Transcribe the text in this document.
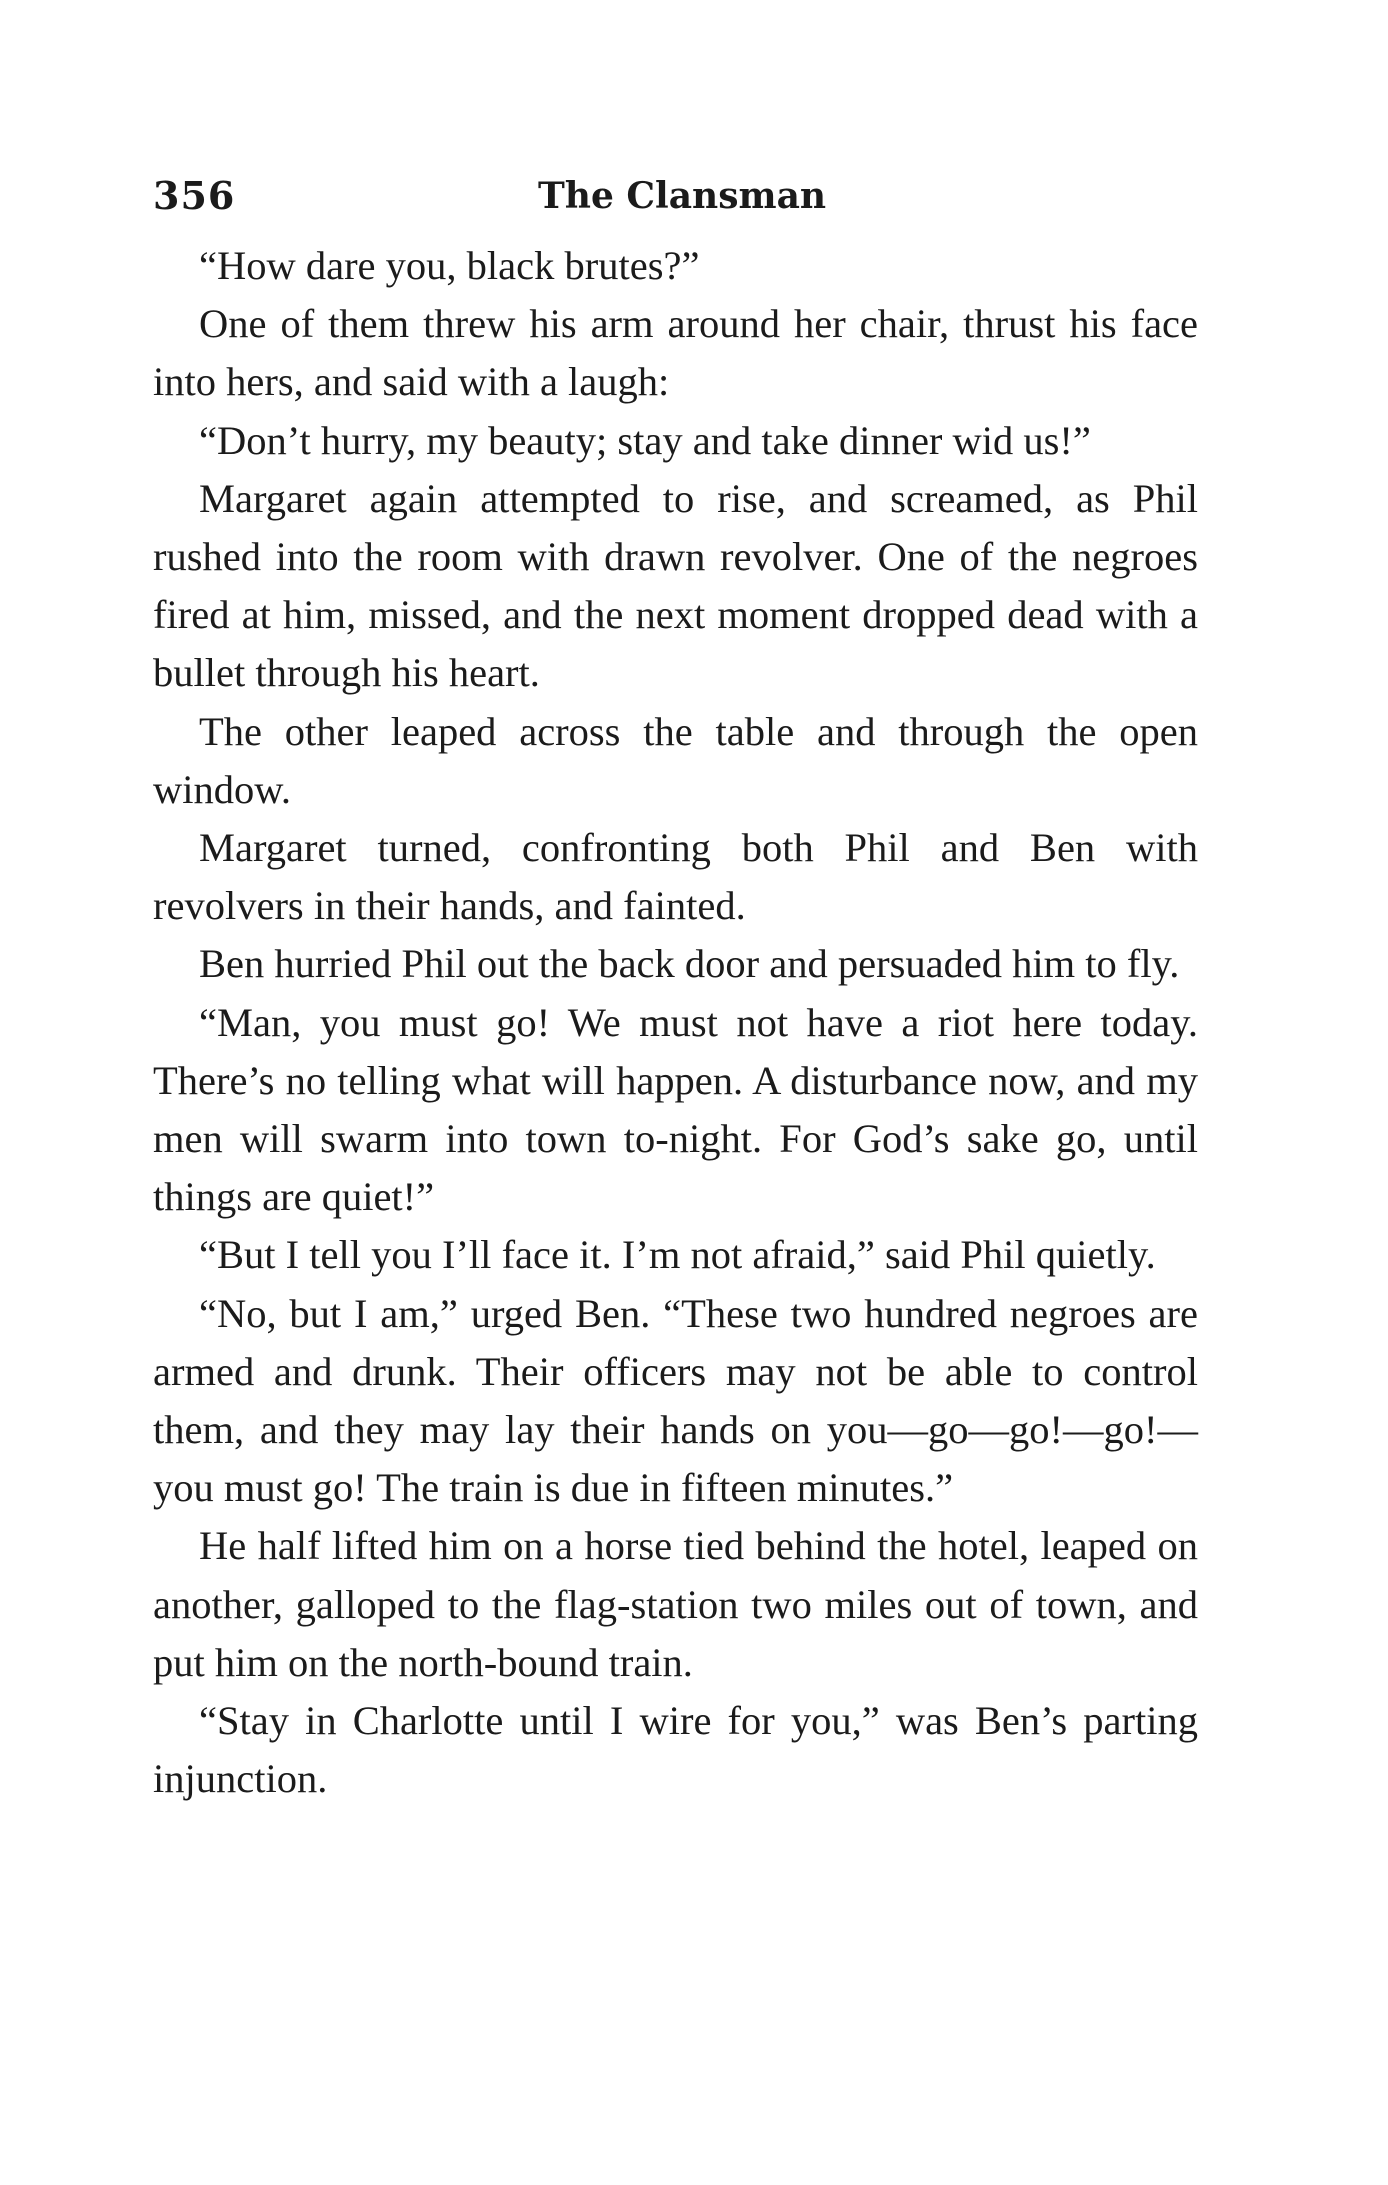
356	The Clansman

“How dare you, black brutes?”

One of them threw his arm around her chair, thrust his face into hers, and said with a laugh:

“Don’t hurry, my beauty; stay and take dinner wid us!”

Margaret again attempted to rise, and screamed, as Phil rushed into the room with drawn revolver. One of the negroes fired at him, missed, and the next moment dropped dead with a bullet through his heart.

The other leaped across the table and through the open window.

Margaret turned, confronting both Phil and Ben with revolvers in their hands, and fainted.

Ben hurried Phil out the back door and persuaded him to fly.

“Man, you must go! We must not have a riot here today. There’s no telling what will happen. A disturbance now, and my men will swarm into town to-night. For God’s sake go, until things are quiet!”

“But I tell you I’ll face it. I’m not afraid,” said Phil quietly.

“No, but I am,” urged Ben. “These two hundred negroes are armed and drunk. Their officers may not be able to control them, and they may lay their hands on you—go—go!—go!—you must go! The train is due in fifteen minutes.”

He half lifted him on a horse tied behind the hotel, leaped on another, galloped to the flag-station two miles out of town, and put him on the north-bound train.

“Stay in Charlotte until I wire for you,” was Ben’s parting injunction.
